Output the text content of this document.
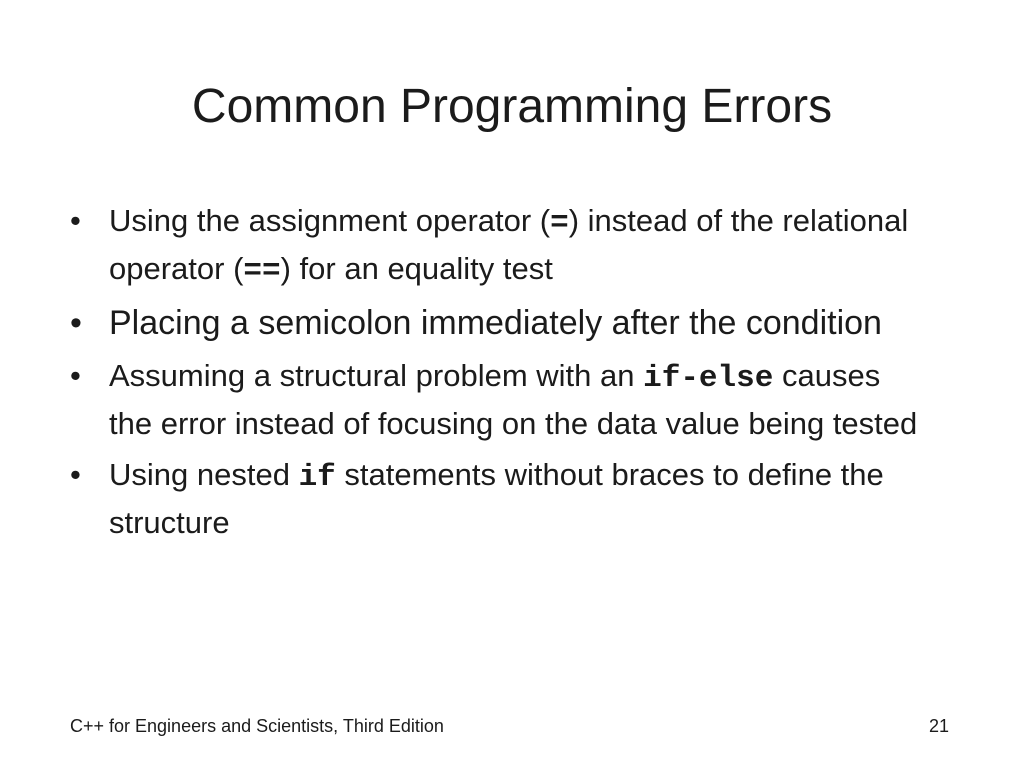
Common Programming Errors
• Using the assignment operator (=) instead of the relational operator (==) for an equality test
• Placing a semicolon immediately after the condition
• Assuming a structural problem with an if-else causes the error instead of focusing on the data value being tested
• Using nested if statements without braces to define the structure
C++ for Engineers and Scientists, Third Edition	21
